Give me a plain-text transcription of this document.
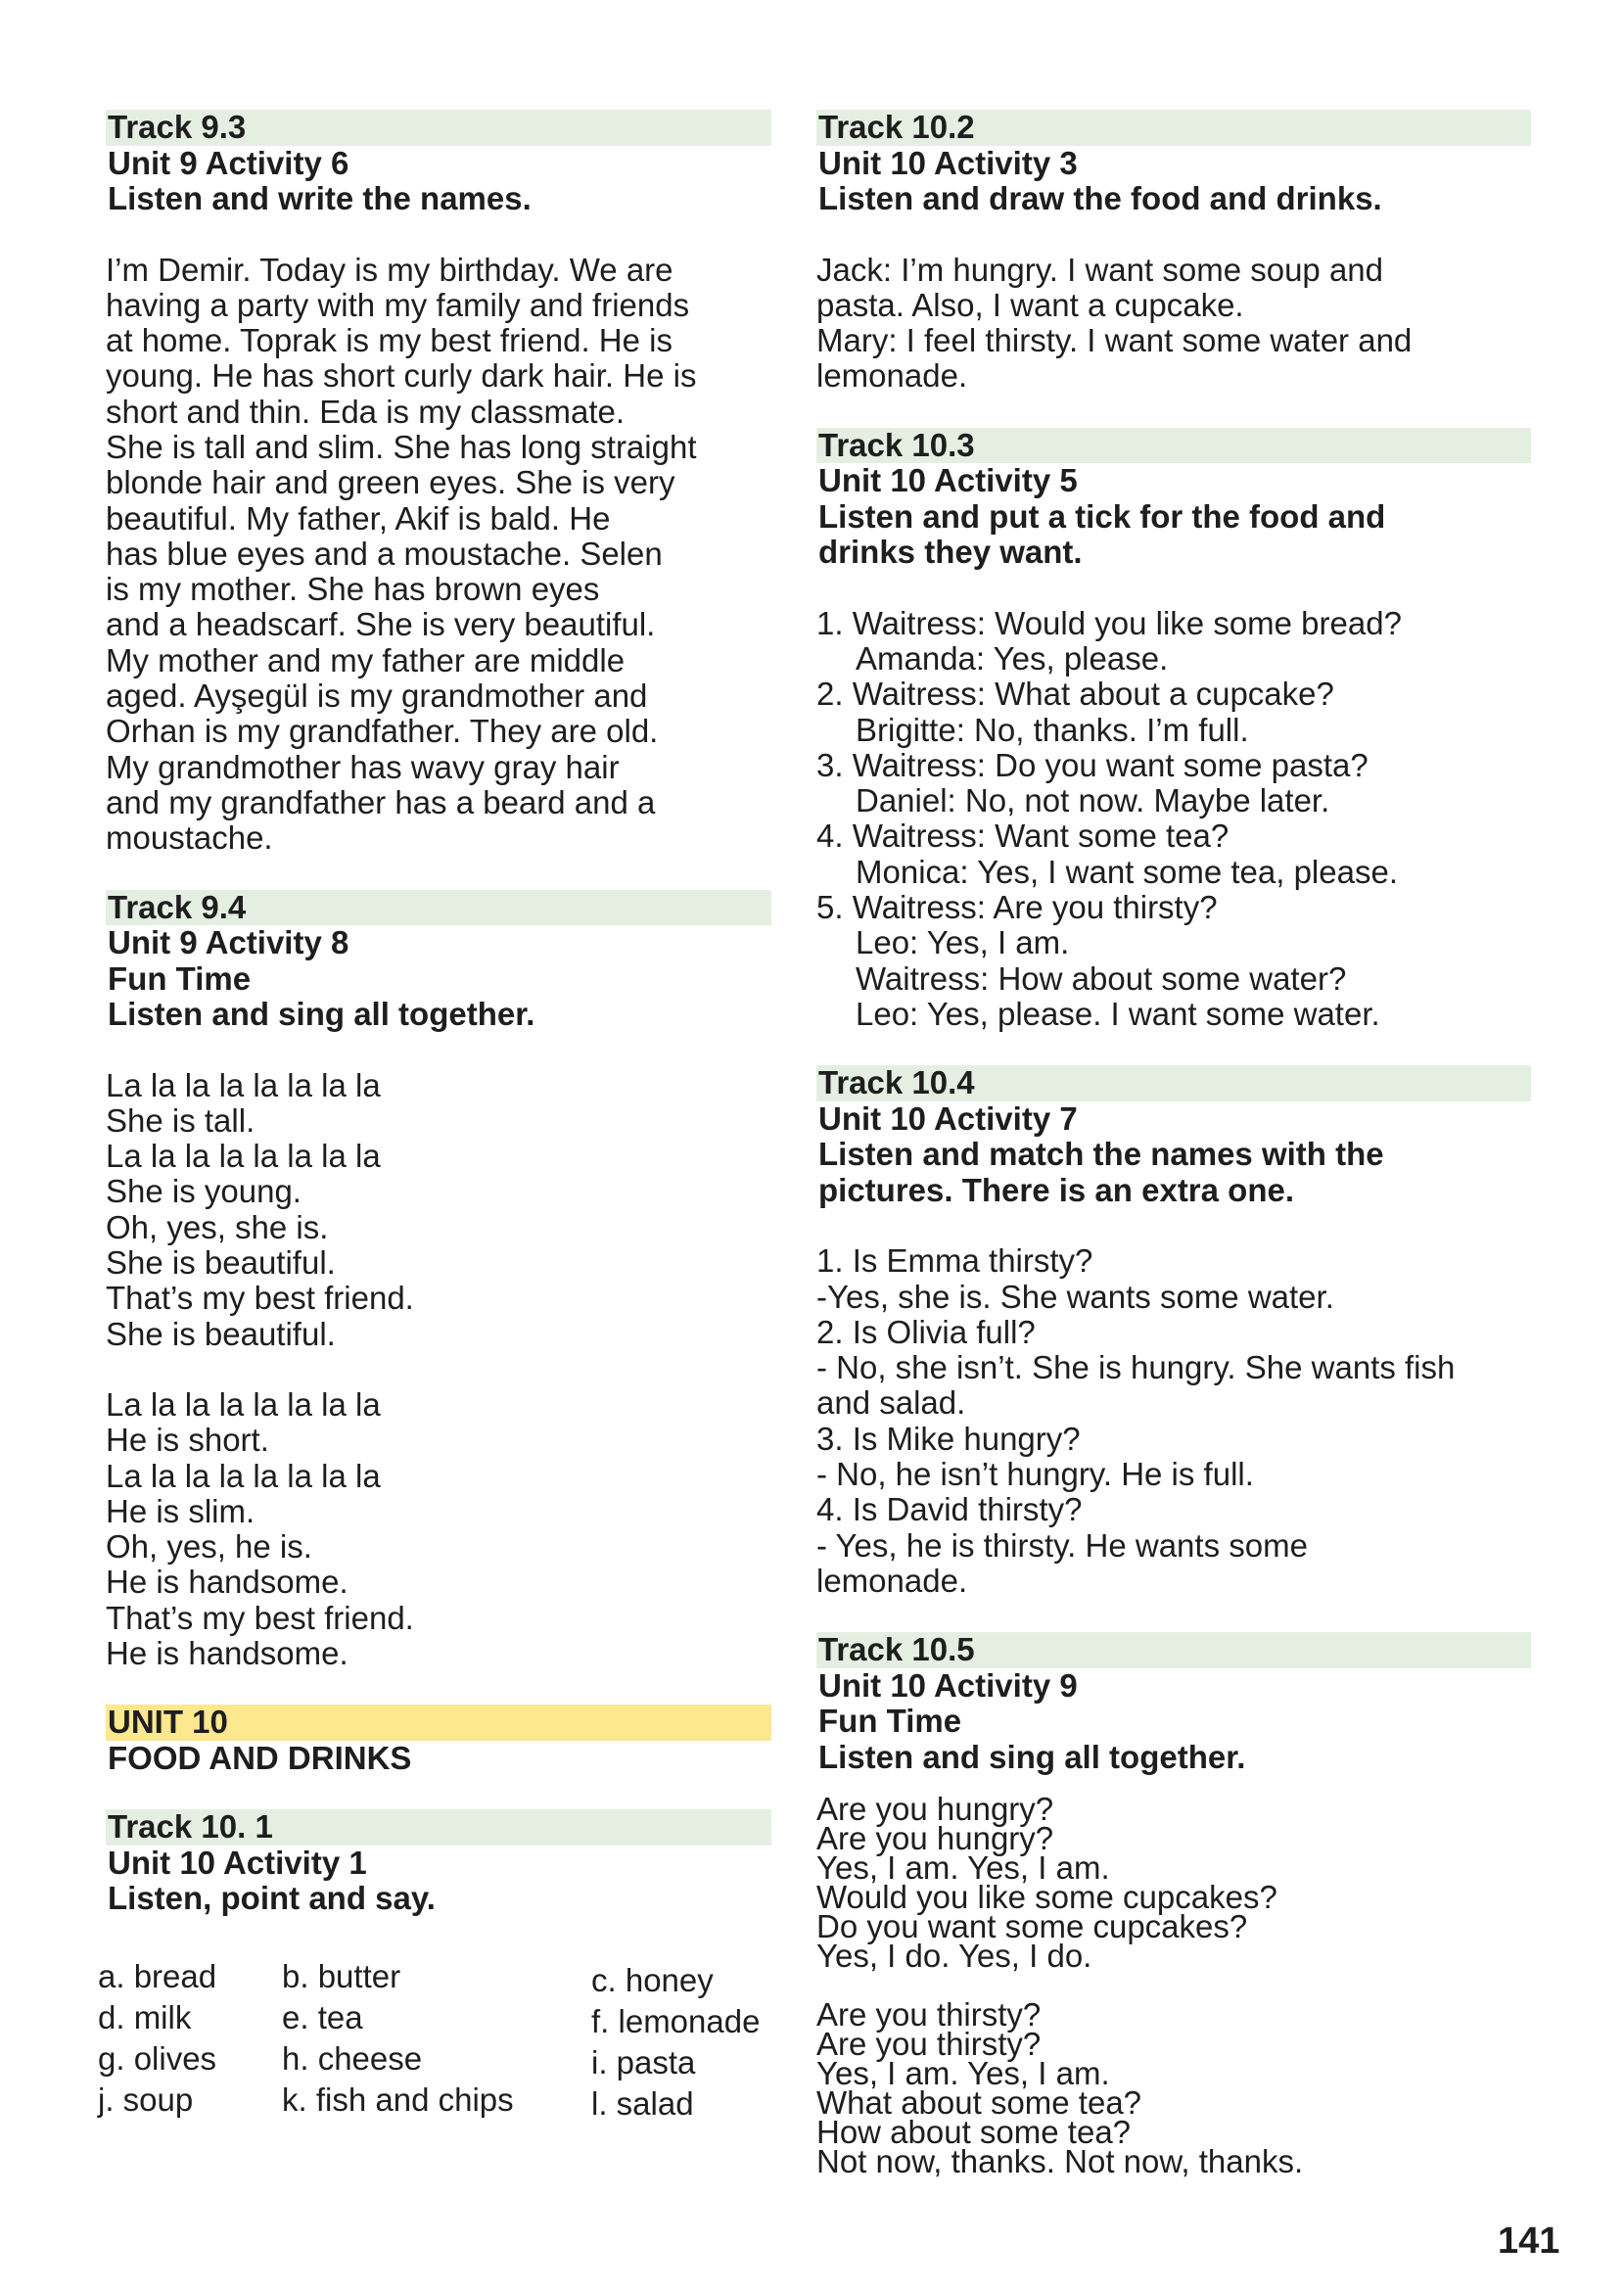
Track 9.3
Unit 9 Activity 6
Listen and write the names.

I’m Demir. Today is my birthday. We are

having a party with my family and friends

at home. Toprak is my best friend. He is

young. He has short curly dark hair. He is

short and thin. Eda is my classmate.

She is tall and slim. She has long straight

blonde hair and green eyes. She is very

beautiful. My father, Akif is bald. He

has blue eyes and a moustache. Selen

is my mother. She has brown eyes

and a headscarf. She is very beautiful.

My mother and my father are middle

aged. Ayşegül is my grandmother and

Orhan is my grandfather. They are old.

My grandmother has wavy gray hair

and my grandfather has a beard and a

moustache.

Track 9.4
Unit 9 Activity 8
Fun Time
Listen and sing all together.

La la la la la la la la

She is tall.

La la la la la la la la

She is young.

Oh, yes, she is.

She is beautiful.

That’s my best friend.

She is beautiful.

La la la la la la la la

He is short.

La la la la la la la la

He is slim.

Oh, yes, he is.

He is handsome.

That’s my best friend.

He is handsome.

UNIT 10
FOOD AND DRINKS
Track 10. 1
Unit 10 Activity 1
Listen, point and say.
a. bread b. butter	c. honey
d. milk	e. tea	f. lemonade
g. olives h. cheese	i. pasta
j. soup	k. fish and chips l. salad
Track 10.2
Unit 10 Activity 3
Listen and draw the food and drinks.

Jack: I’m hungry. I want some soup and

pasta. Also, I want a cupcake.

Mary: I feel thirsty. I want some water and

lemonade.

Track 10.3
Unit 10 Activity 5
Listen and put a tick for the food and
drinks they want.

1. Waitress: Would you like some bread?

Amanda: Yes, please.

2. Waitress: What about a cupcake?

Brigitte: No, thanks. I’m full.

3. Waitress: Do you want some pasta?

Daniel: No, not now. Maybe later.

4. Waitress: Want some tea?

Monica: Yes, I want some tea, please.

5. Waitress: Are you thirsty?

Leo: Yes, I am.

Waitress: How about some water?

Leo: Yes, please. I want some water.

Track 10.4
Unit 10 Activity 7
Listen and match the names with the
pictures. There is an extra one.

1. Is Emma thirsty?

-Yes, she is. She wants some water.

2. Is Olivia full?

- No, she isn’t. She is hungry. She wants fish

and salad.

3. Is Mike hungry?

- No, he isn’t hungry. He is full.

4. Is David thirsty?

- Yes, he is thirsty. He wants some

lemonade.

Track 10.5
Unit 10 Activity 9
Fun Time
Listen and sing all together.

Are you hungry?

Are you hungry?

Yes, I am. Yes, I am.

Would you like some cupcakes?

Do you want some cupcakes?

Yes, I do. Yes, I do.

Are you thirsty?

Are you thirsty?

Yes, I am. Yes, I am.

What about some tea?

How about some tea?

Not now, thanks. Not now, thanks.

141
